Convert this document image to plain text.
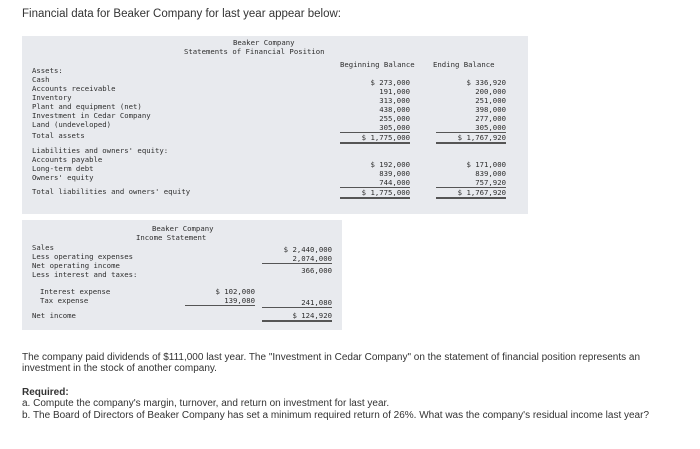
Financial data for Beaker Company for last year appear below:
Beaker Company
Statements of Financial Position
Beginning Balance	Ending Balance
Assets:
Cash
Accounts receivable
Inventory
Plant and equipment (net)
Investment in Cedar Company
Land (undeveloped)
Total assets
$ 273,000
191,000
313,000
438,000
255,000
305,000
$ 1,775,000
$ 336,920
200,000
251,000
398,000
277,000
305,000
$ 1,767,920
Liabilities and owners' equity:
Accounts payable
Long-term debt
Owners' equity
Total liabilities and owners' equity
$ 192,000
839,000
744,000
$ 1,775,000
$ 171,000
839,000
757,920
$ 1,767,920
Beaker Company
Income Statement
Sales
Less operating expenses
Net operating income
Less interest and taxes:
Interest expense
Tax expense
Net income
$ 2,440,000
2,074,000
366,000
$ 102,000
139,080	241,080
$ 124,920
The company paid dividends of $111,000 last year. The "Investment in Cedar Company" on the statement of financial position represents an investment in the stock of another company.
Required:
a. Compute the company's margin, turnover, and return on investment for last year.
b. The Board of Directors of Beaker Company has set a minimum required return of 26%. What was the company's residual income last year?
